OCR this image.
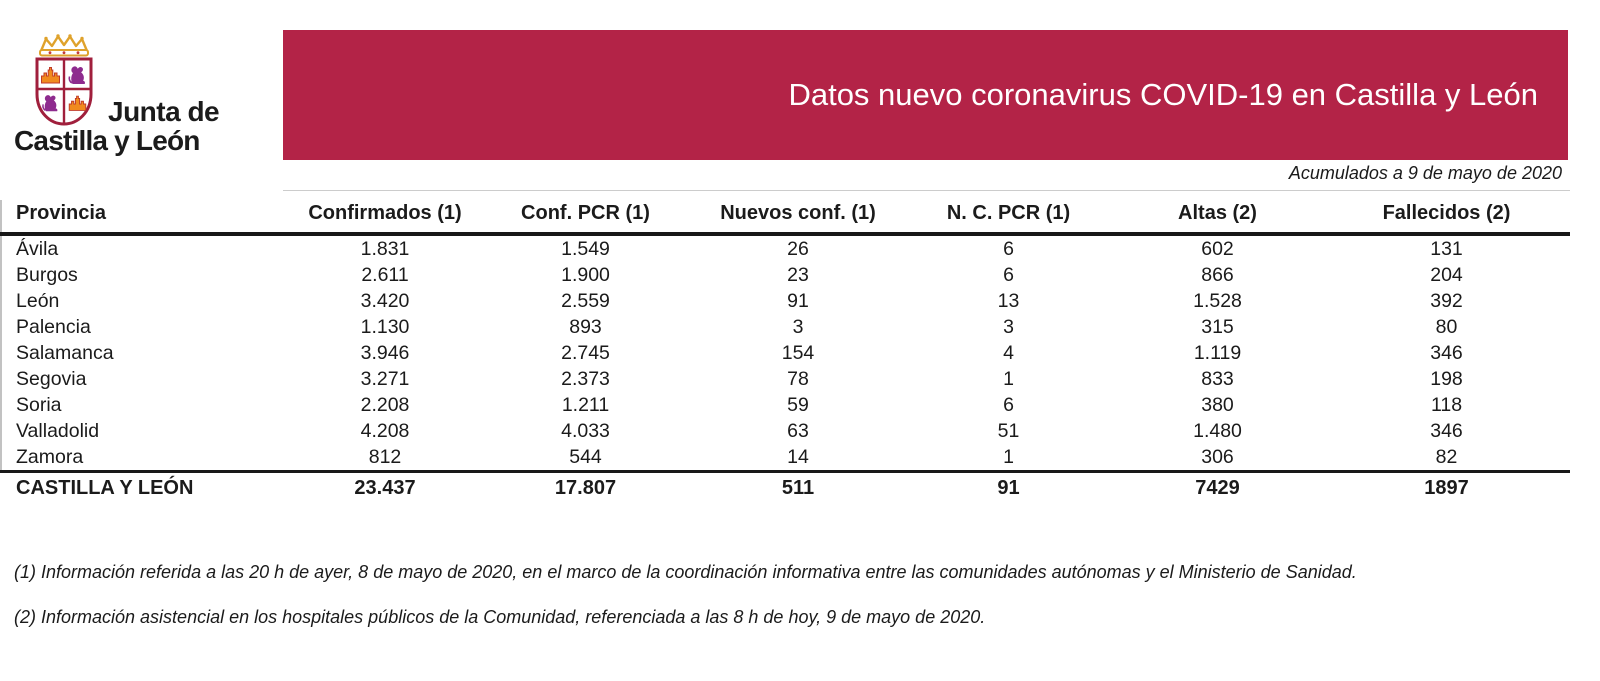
Junta de
Castilla y León
Datos nuevo coronavirus COVID-19 en Castilla y León
Acumulados a 9 de mayo de 2020
Provincia	Confirmados (1)	Conf. PCR (1)	Nuevos conf. (1)	N. C. PCR (1)	Altas (2)	Fallecidos (2)
Ávila	1.831	1.549	26	6	602	131
Burgos	2.611	1.900	23	6	866	204
León	3.420	2.559	91	13	1.528	392
Palencia	1.130	893	3	3	315	80
Salamanca	3.946	2.745	154	4	1.119	346
Segovia	3.271	2.373	78	1	833	198
Soria	2.208	1.211	59	6	380	118
Valladolid	4.208	4.033	63	51	1.480	346
Zamora	812	544	14	1	306	82
CASTILLA Y LEÓN	23.437	17.807	511	91	7429	1897
(1) Información referida a las 20 h de ayer, 8 de mayo de 2020, en el marco de la coordinación informativa entre las comunidades autónomas y el Ministerio de Sanidad.
(2) Información asistencial en los hospitales públicos de la Comunidad, referenciada a las 8 h de hoy, 9 de mayo de 2020.
